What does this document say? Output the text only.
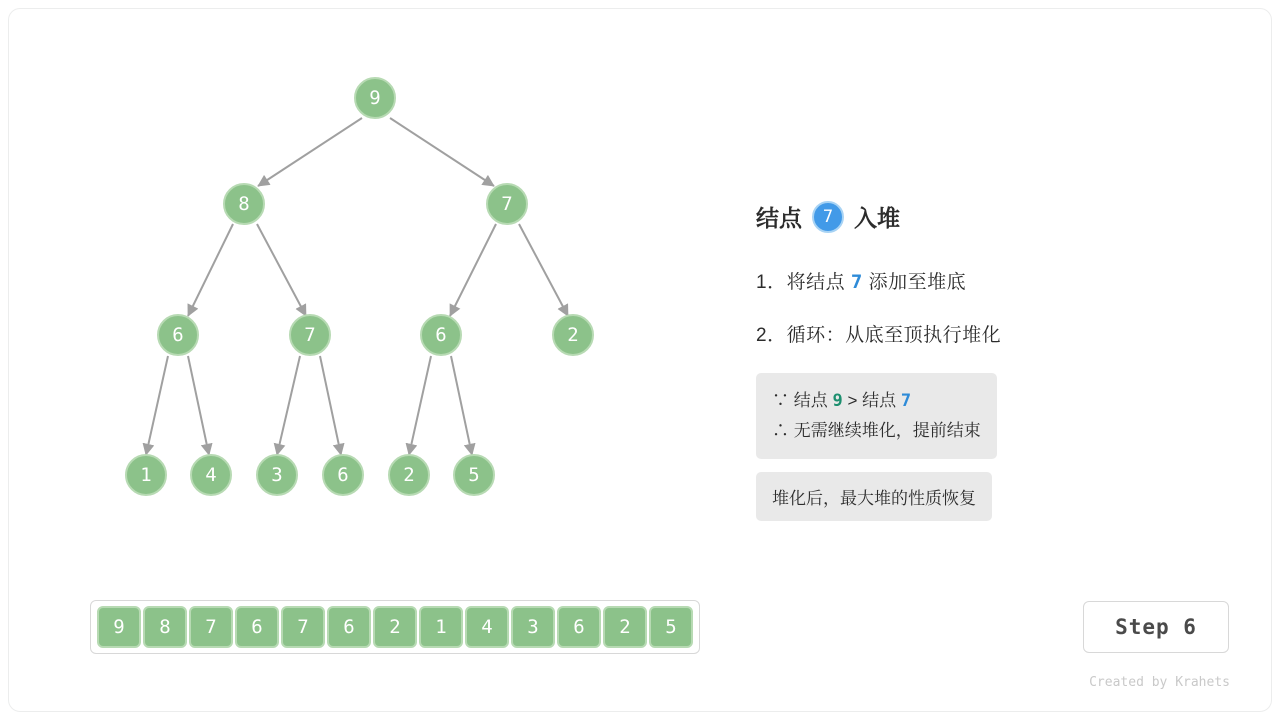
9
8	7
6	7	6	2
1	4	3	6	2	5
9	8	7	6	7	6	2	1	4	3	6	2	5
结点	7 入堆
1．将结点 7 添加至堆底
2．循环：从底至顶执行堆化
∵ 结点 9 > 结点 7
∴ 无需继续堆化，提前结束
堆化后，最大堆的性质恢复
Step 6
Created by Krahets
